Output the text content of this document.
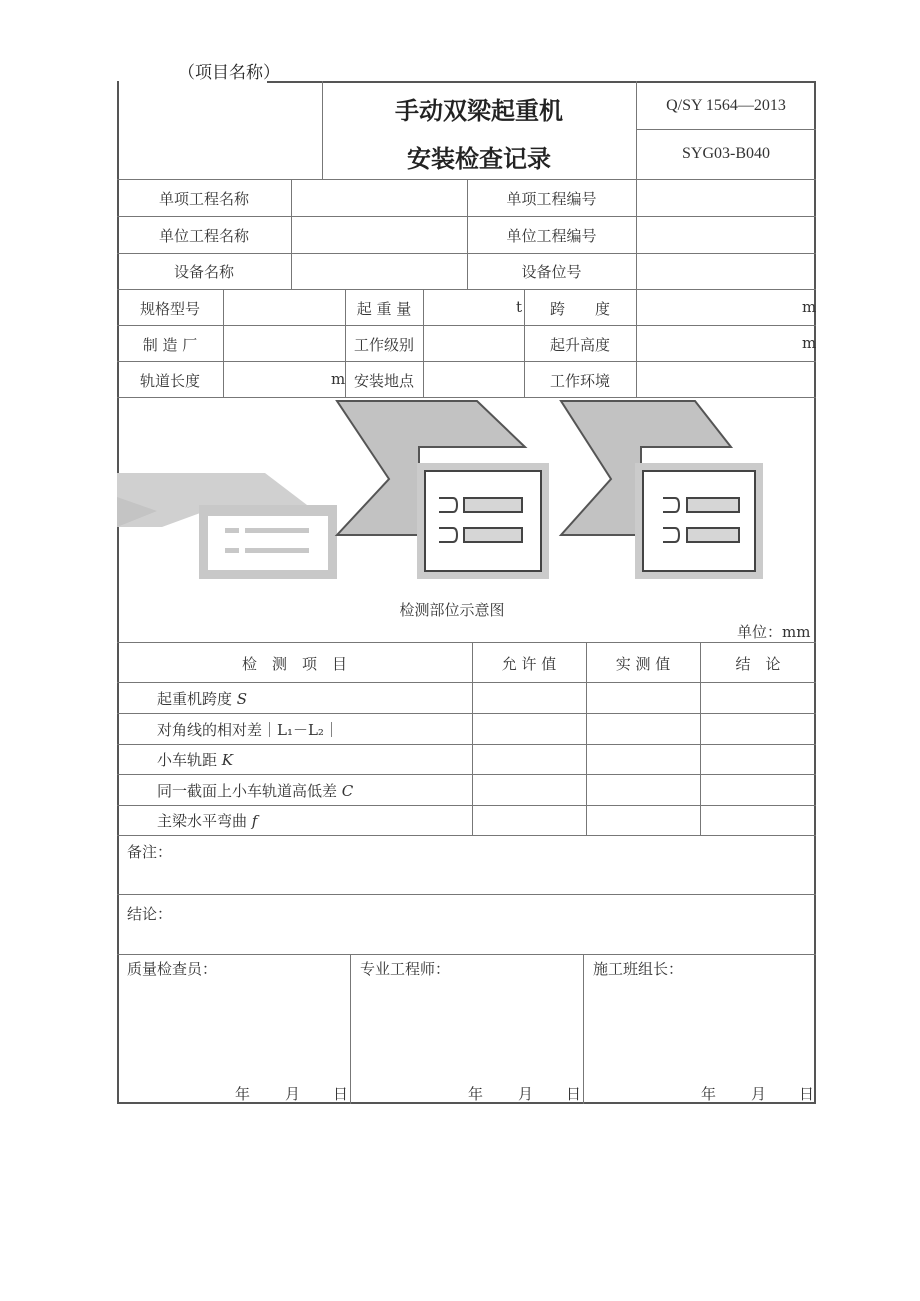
（项目名称）
手动双梁起重机
安装检查记录
Q/SY 1564—2013
SYG03-B040
单项工程名称	单项工程编号
单位工程名称	单位工程编号
设备名称	设备位号
规格型号	起 重 量	t	跨　　度	m
制 造 厂	工作级别	起升高度	m
轨道长度	m 安装地点	工作环境
检测部位示意图
单位：mm
检　测　项　目	允 许 值	实 测 值	结　论
起重机跨度 S
对角线的相对差｜L₁－L₂｜
小车轨距 K
同一截面上小车轨道高低差 C
主梁水平弯曲 f
备注：
结论：
质量检查员：
年 月 日
专业工程师：
年 月 日
施工班组长：
年 月 日
